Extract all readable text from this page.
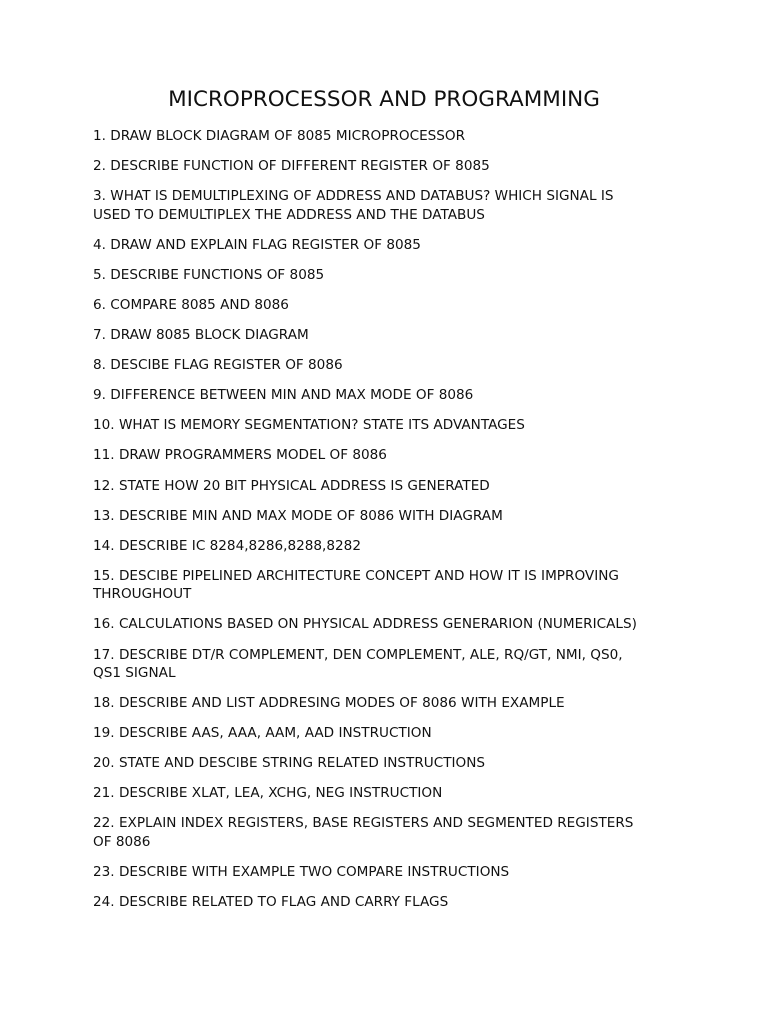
MICROPROCESSOR AND PROGRAMMING
1. DRAW BLOCK DIAGRAM OF 8085 MICROPROCESSOR
2. DESCRIBE FUNCTION OF DIFFERENT REGISTER OF 8085
3. WHAT IS DEMULTIPLEXING OF ADDRESS AND DATABUS? WHICH SIGNAL IS
USED TO DEMULTIPLEX THE ADDRESS AND THE DATABUS
4. DRAW AND EXPLAIN FLAG REGISTER OF 8085
5. DESCRIBE FUNCTIONS OF 8085
6. COMPARE 8085 AND 8086
7. DRAW 8085 BLOCK DIAGRAM
8. DESCIBE FLAG REGISTER OF 8086
9. DIFFERENCE BETWEEN MIN AND MAX MODE OF 8086
10. WHAT IS MEMORY SEGMENTATION? STATE ITS ADVANTAGES
11. DRAW PROGRAMMERS MODEL OF 8086
12. STATE HOW 20 BIT PHYSICAL ADDRESS IS GENERATED
13. DESCRIBE MIN AND MAX MODE OF 8086 WITH DIAGRAM
14. DESCRIBE IC 8284,8286,8288,8282
15. DESCIBE PIPELINED ARCHITECTURE CONCEPT AND HOW IT IS IMPROVING
THROUGHOUT
16. CALCULATIONS BASED ON PHYSICAL ADDRESS GENERARION (NUMERICALS)
17. DESCRIBE DT/R COMPLEMENT, DEN COMPLEMENT, ALE, RQ/GT, NMI, QS0,
QS1 SIGNAL
18. DESCRIBE AND LIST ADDRESING MODES OF 8086 WITH EXAMPLE
19. DESCRIBE AAS, AAA, AAM, AAD INSTRUCTION
20. STATE AND DESCIBE STRING RELATED INSTRUCTIONS
21. DESCRIBE XLAT, LEA, XCHG, NEG INSTRUCTION
22. EXPLAIN INDEX REGISTERS, BASE REGISTERS AND SEGMENTED REGISTERS
OF 8086
23. DESCRIBE WITH EXAMPLE TWO COMPARE INSTRUCTIONS
24. DESCRIBE RELATED TO FLAG AND CARRY FLAGS
